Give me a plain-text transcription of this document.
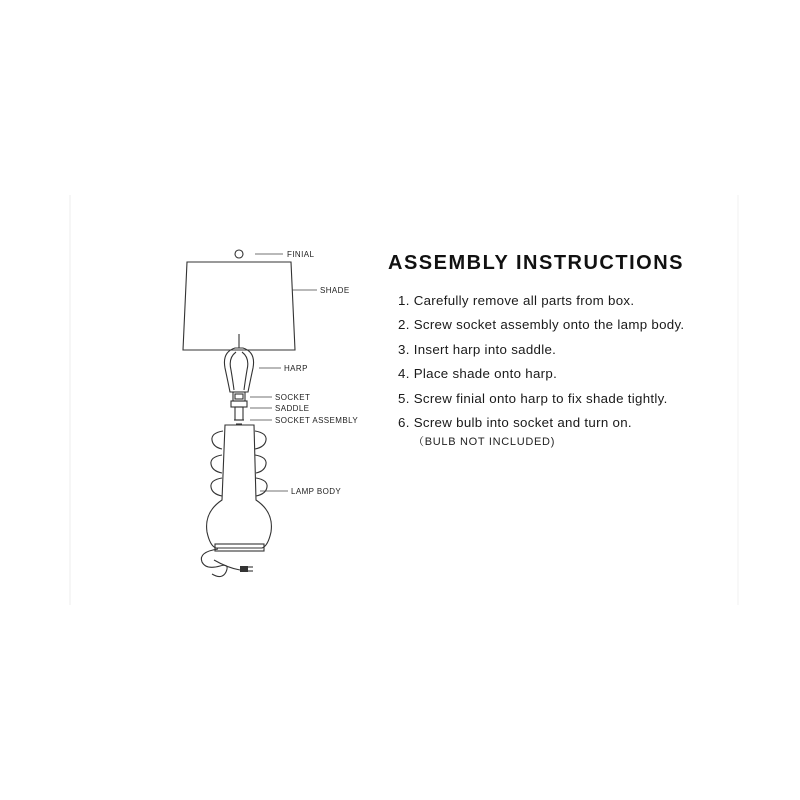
FINIAL
SHADE
HARP
SOCKET
SADDLE
SOCKET ASSEMBLY
LAMP BODY
ASSEMBLY INSTRUCTIONS
1. Carefully remove all parts from box.
2. Screw socket assembly onto the lamp body.
3. Insert harp into saddle.
4. Place shade onto harp.
5. Screw finial onto harp to fix shade tightly.
6. Screw bulb into socket and turn on.

（BULB NOT INCLUDED)
